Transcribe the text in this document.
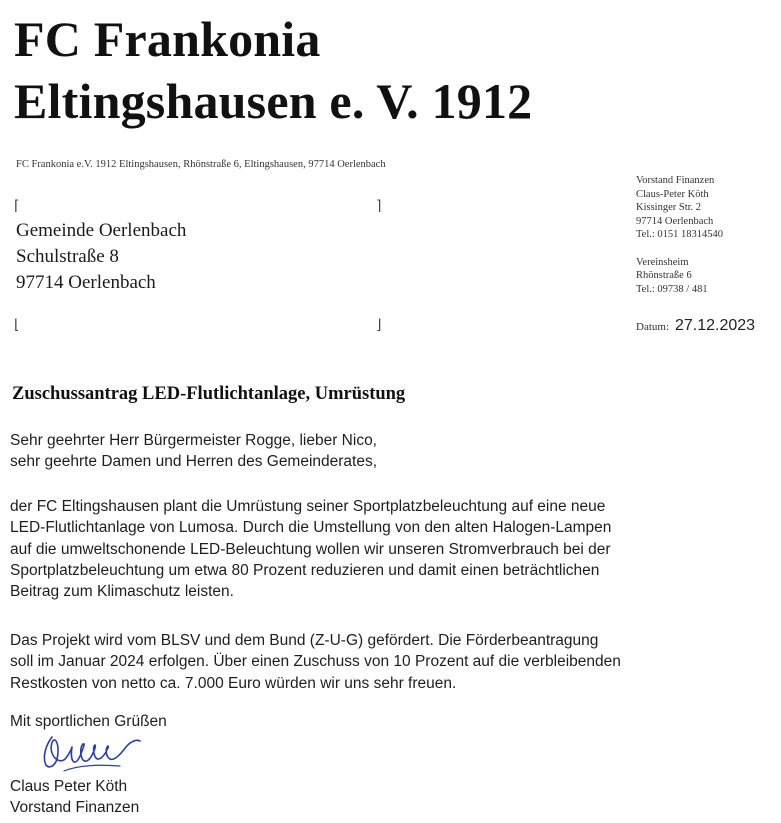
FC Frankonia
Eltingshausen e. V. 1912
FC Frankonia e.V. 1912 Eltingshausen, Rhönstraße 6, Eltingshausen, 97714 Oerlenbach
⌈	⌉
⌊	⌋
Gemeinde Oerlenbach
Schulstraße 8
97714 Oerlenbach
Vorstand Finanzen
Claus-Peter Köth
Kissinger Str. 2
97714 Oerlenbach
Tel.: 0151 18314540
Vereinsheim
Rhönstraße 6
Tel.: 09738 / 481
Datum: 27.12.2023
Zuschussantrag LED-Flutlichtanlage, Umrüstung
Sehr geehrter Herr Bürgermeister Rogge, lieber Nico,
sehr geehrte Damen und Herren des Gemeinderates,
der FC Eltingshausen plant die Umrüstung seiner Sportplatzbeleuchtung auf eine neue
LED-Flutlichtanlage von Lumosa. Durch die Umstellung von den alten Halogen-Lampen
auf die umweltschonende LED-Beleuchtung wollen wir unseren Stromverbrauch bei der
Sportplatzbeleuchtung um etwa 80 Prozent reduzieren und damit einen beträchtlichen
Beitrag zum Klimaschutz leisten.
Das Projekt wird vom BLSV und dem Bund (Z-U-G) gefördert. Die Förderbeantragung
soll im Januar 2024 erfolgen. Über einen Zuschuss von 10 Prozent auf die verbleibenden
Restkosten von netto ca. 7.000 Euro würden wir uns sehr freuen.
Mit sportlichen Grüßen
Claus Peter Köth
Vorstand Finanzen
